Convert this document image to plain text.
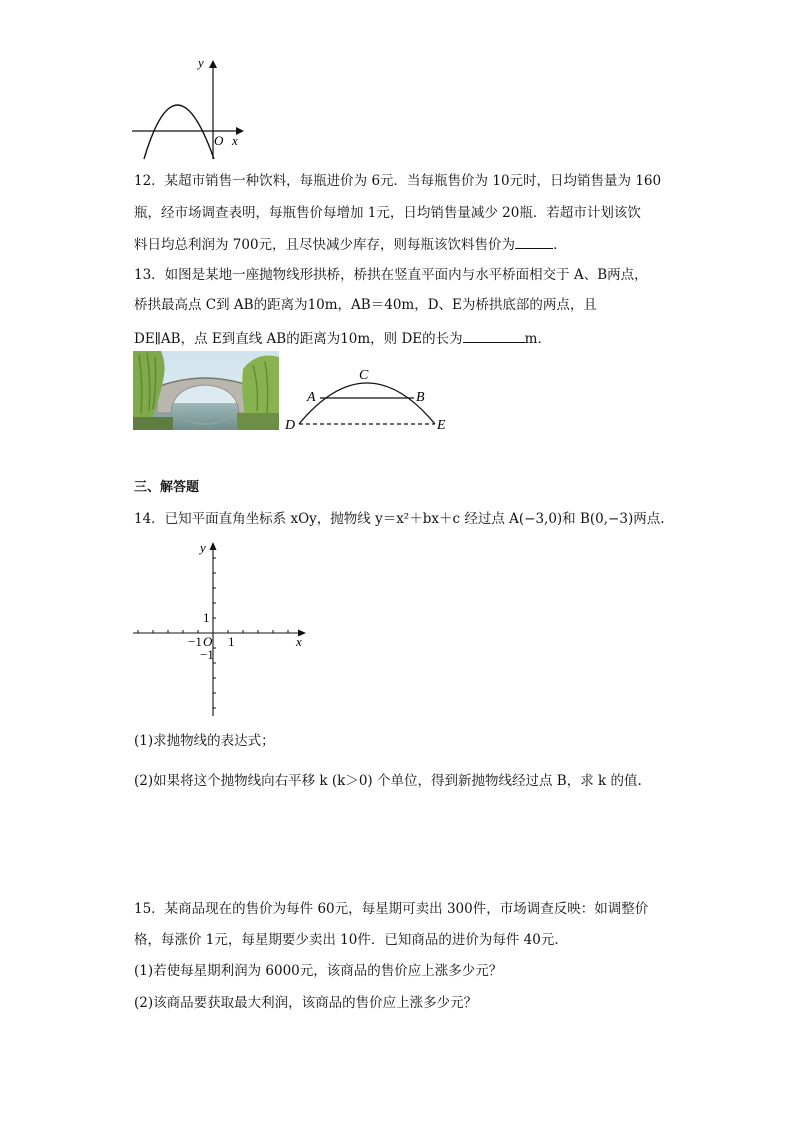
y
O x
12．某超市销售一种饮料，每瓶进价为 6元．当每瓶售价为 10元时，日均销售量为 160
瓶，经市场调查表明，每瓶售价每增加 1元，日均销售量减少 20瓶．若超市计划该饮
料日均总利润为 700元，且尽快减少库存，则每瓶该饮料售价为	．
13．如图是某地一座抛物线形拱桥，桥拱在竖直平面内与水平桥面相交于 A、B两点，
桥拱最高点 C到 AB的距离为10m，AB＝40m，D、E为桥拱底部的两点，且
DE∥AB，点 E到直线 AB的距离为10m，则 DE的长为	m．
C
A	B
D	E
三、解答题
14．已知平面直角坐标系 xOy，抛物线 y＝x²＋bx＋c 经过点 A(−3,0)和 B(0,−3)两点.
y
x
1
1
−1 O
−1
(1)求抛物线的表达式；
(2)如果将这个抛物线向右平移 k (k＞0) 个单位，得到新抛物线经过点 B，求 k 的值.
15．某商品现在的售价为每件 60元，每星期可卖出 300件，市场调查反映：如调整价
格，每涨价 1元，每星期要少卖出 10件．已知商品的进价为每件 40元．
(1)若使每星期利润为 6000元，该商品的售价应上涨多少元？
(2)该商品要获取最大利润，该商品的售价应上涨多少元？
